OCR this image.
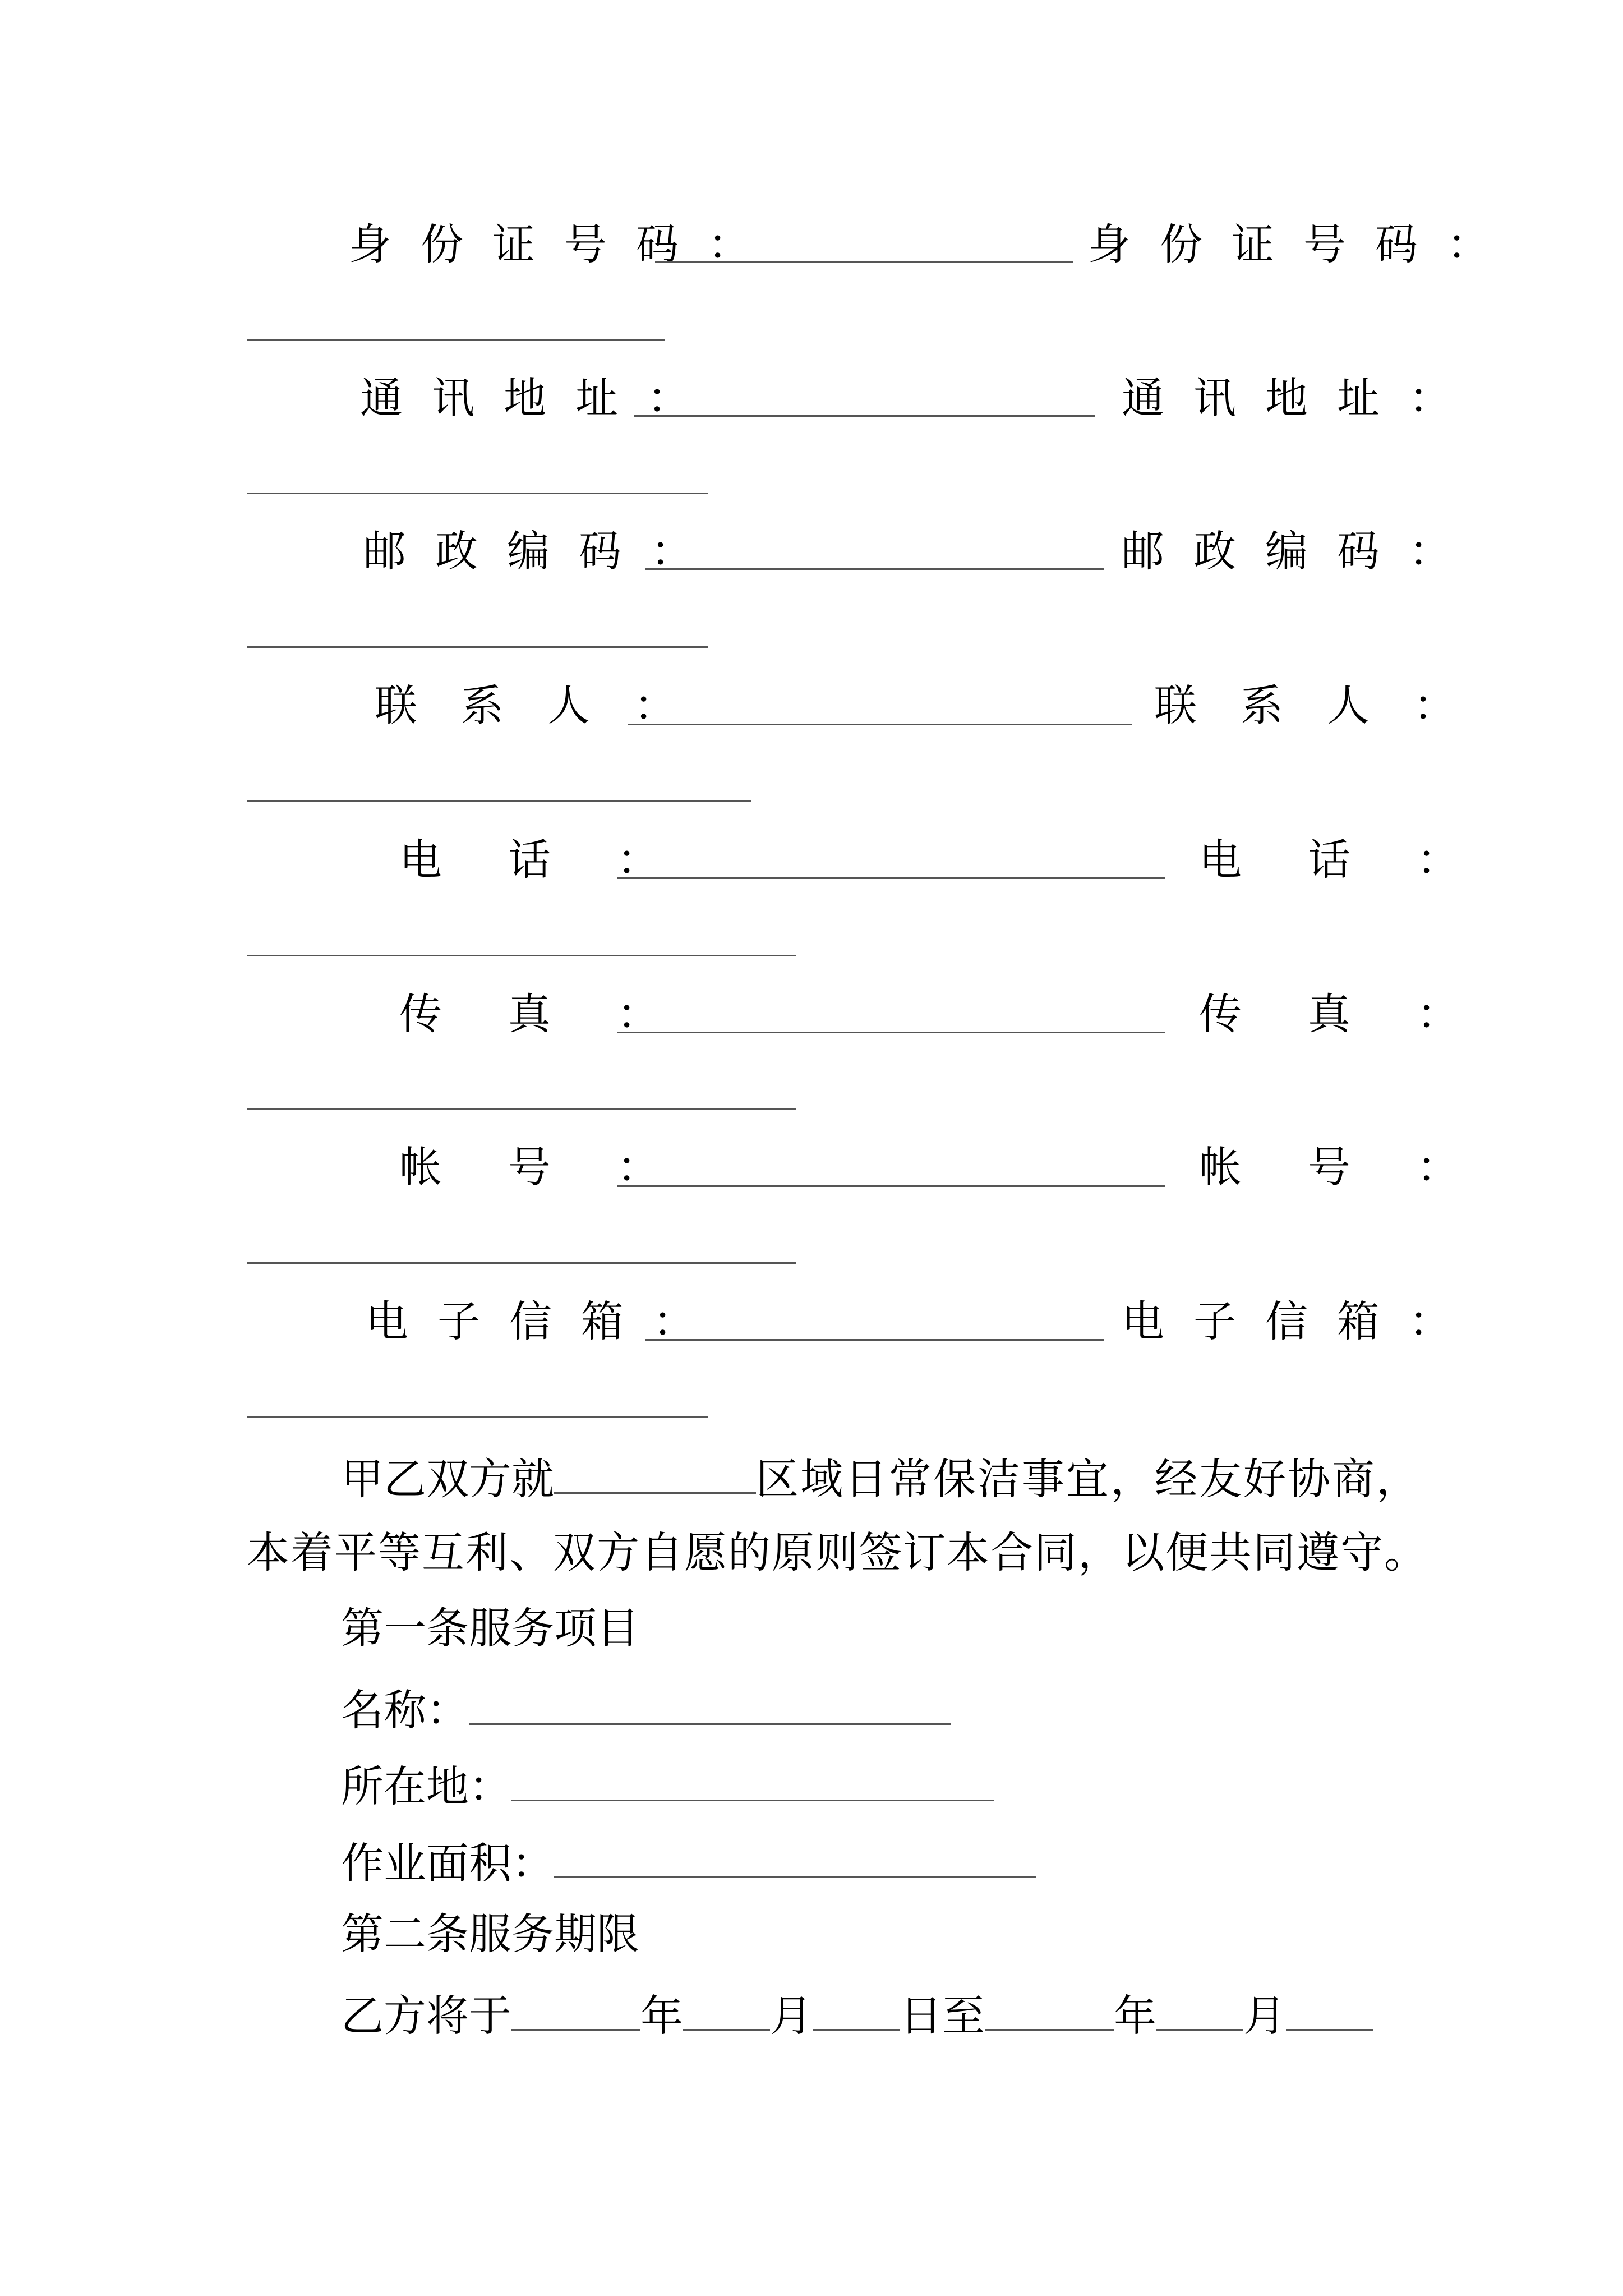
身份证号码：	身份证号码：
通讯地址：	通讯地址：
邮政编码：	邮政编码：
联系人：	联系人：
电话：	电话：
传真：	传真：
帐号：	帐号：
电子信箱：	电子信箱：
甲乙双方就	区域日常保洁事宜，经友好协商，
本着平等互利、双方自愿的原则签订本合同，以便共同遵守。
第一条服务项目
名称：
所在地：
作业面积：
第二条服务期限
乙方将于	年 月 日至	年 月
